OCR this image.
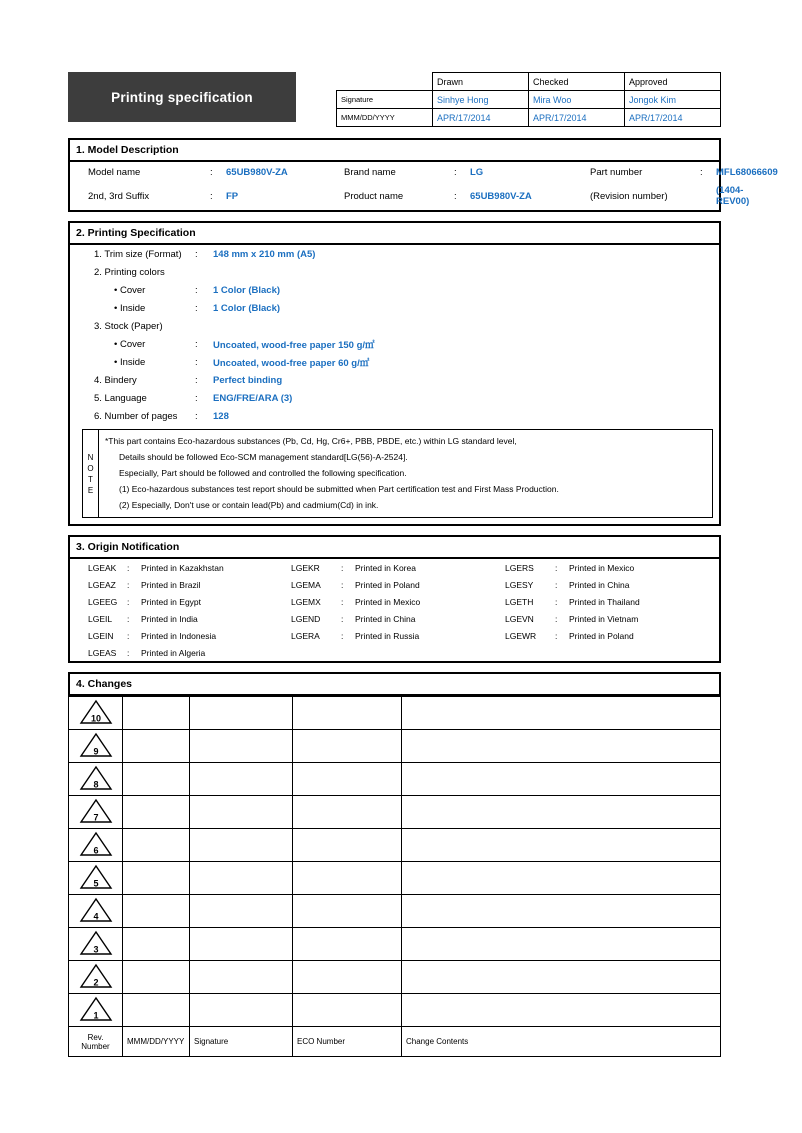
Printing specification
	Drawn	Checked	Approved
Signature	Sinhye Hong	Mira Woo	Jongok Kim
MMM/DD/YYYY	APR/17/2014	APR/17/2014	APR/17/2014
1. Model Description
Model name	:	65UB980V-ZA	Brand name	:	LG	Part number	:	MFL68066609
2nd, 3rd Suffix	:	FP	Product name	:	65UB980V-ZA	(Revision number)		(1404-REV00)
2. Printing Specification
1. Trim size (Format)	:	148 mm x 210 mm (A5)
2. Printing colors		
• Cover	:	1 Color (Black)
• Inside	:	1 Color (Black)
3. Stock (Paper)		
• Cover	:	Uncoated, wood-free paper 150 g/㎡
• Inside	:	Uncoated, wood-free paper 60 g/㎡
4. Bindery	:	Perfect binding
5. Language	:	ENG/FRE/ARA (3)
6. Number of pages	:	128
N
O
T
E
*This part contains Eco-hazardous substances (Pb, Cd, Hg, Cr6+, PBB, PBDE, etc.) within LG standard level,
Details should be followed Eco-SCM management standard[LG(56)-A-2524].
Especially, Part should be followed and controlled the following specification.
(1) Eco-hazardous substances test report should be submitted when Part certification test and First Mass Production.
(2) Especially, Don't use or contain lead(Pb) and cadmium(Cd) in ink.
3. Origin Notification
LGEAK	:	Printed in Kazakhstan	LGEKR	:	Printed in Korea	LGERS	:	Printed in Mexico
LGEAZ	:	Printed in Brazil	LGEMA	:	Printed in Poland	LGESY	:	Printed in China
LGEEG	:	Printed in Egypt	LGEMX	:	Printed in Mexico	LGETH	:	Printed in Thailand
LGEIL	:	Printed in India	LGEND	:	Printed in China	LGEVN	:	Printed in Vietnam
LGEIN	:	Printed in Indonesia	LGERA	:	Printed in Russia	LGEWR	:	Printed in Poland
LGEAS	:	Printed in Algeria						
4. Changes
10				

9				

8				

7				

6				

5				

4				

3				

2				

1				

Rev. Number	MMM/DD/YYYY	Signature	ECO Number	Change Contents
